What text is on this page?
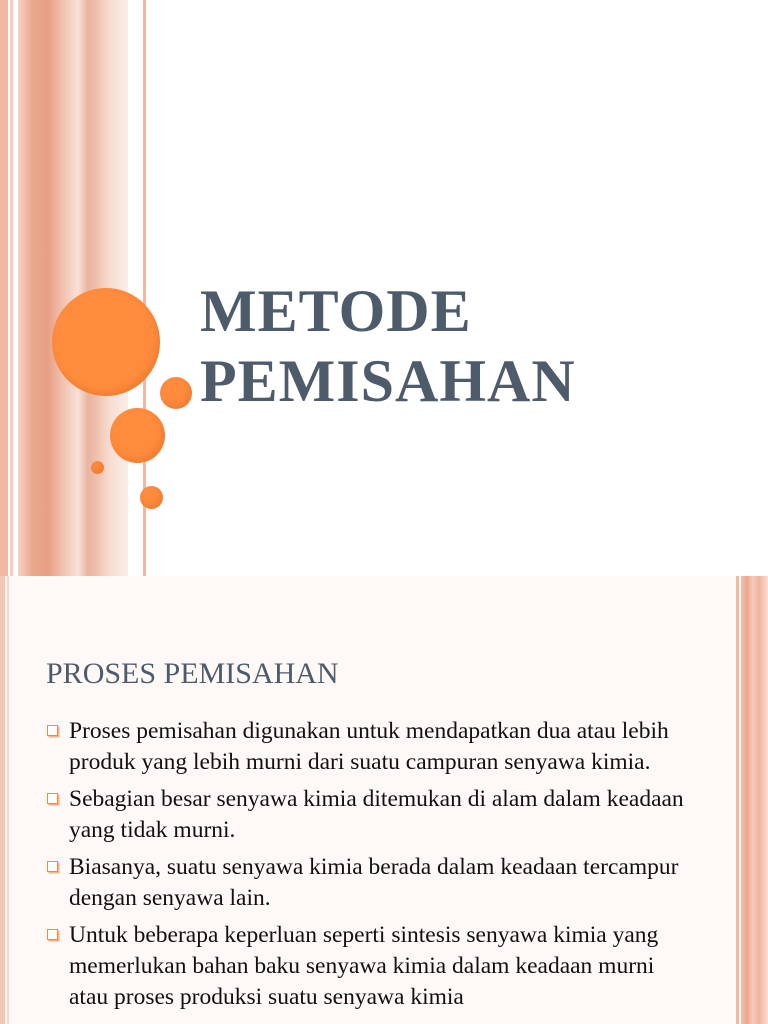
METODE
PEMISAHAN
PROSES PEMISAHAN
Proses pemisahan digunakan untuk mendapatkan dua atau lebih produk yang lebih murni dari suatu campuran senyawa kimia.
Sebagian besar senyawa kimia ditemukan di alam dalam keadaan yang tidak murni.
Biasanya, suatu senyawa kimia berada dalam keadaan tercampur dengan senyawa lain.
Untuk beberapa keperluan seperti sintesis senyawa kimia yang memerlukan bahan baku senyawa kimia dalam keadaan murni atau proses produksi suatu senyawa kimia
